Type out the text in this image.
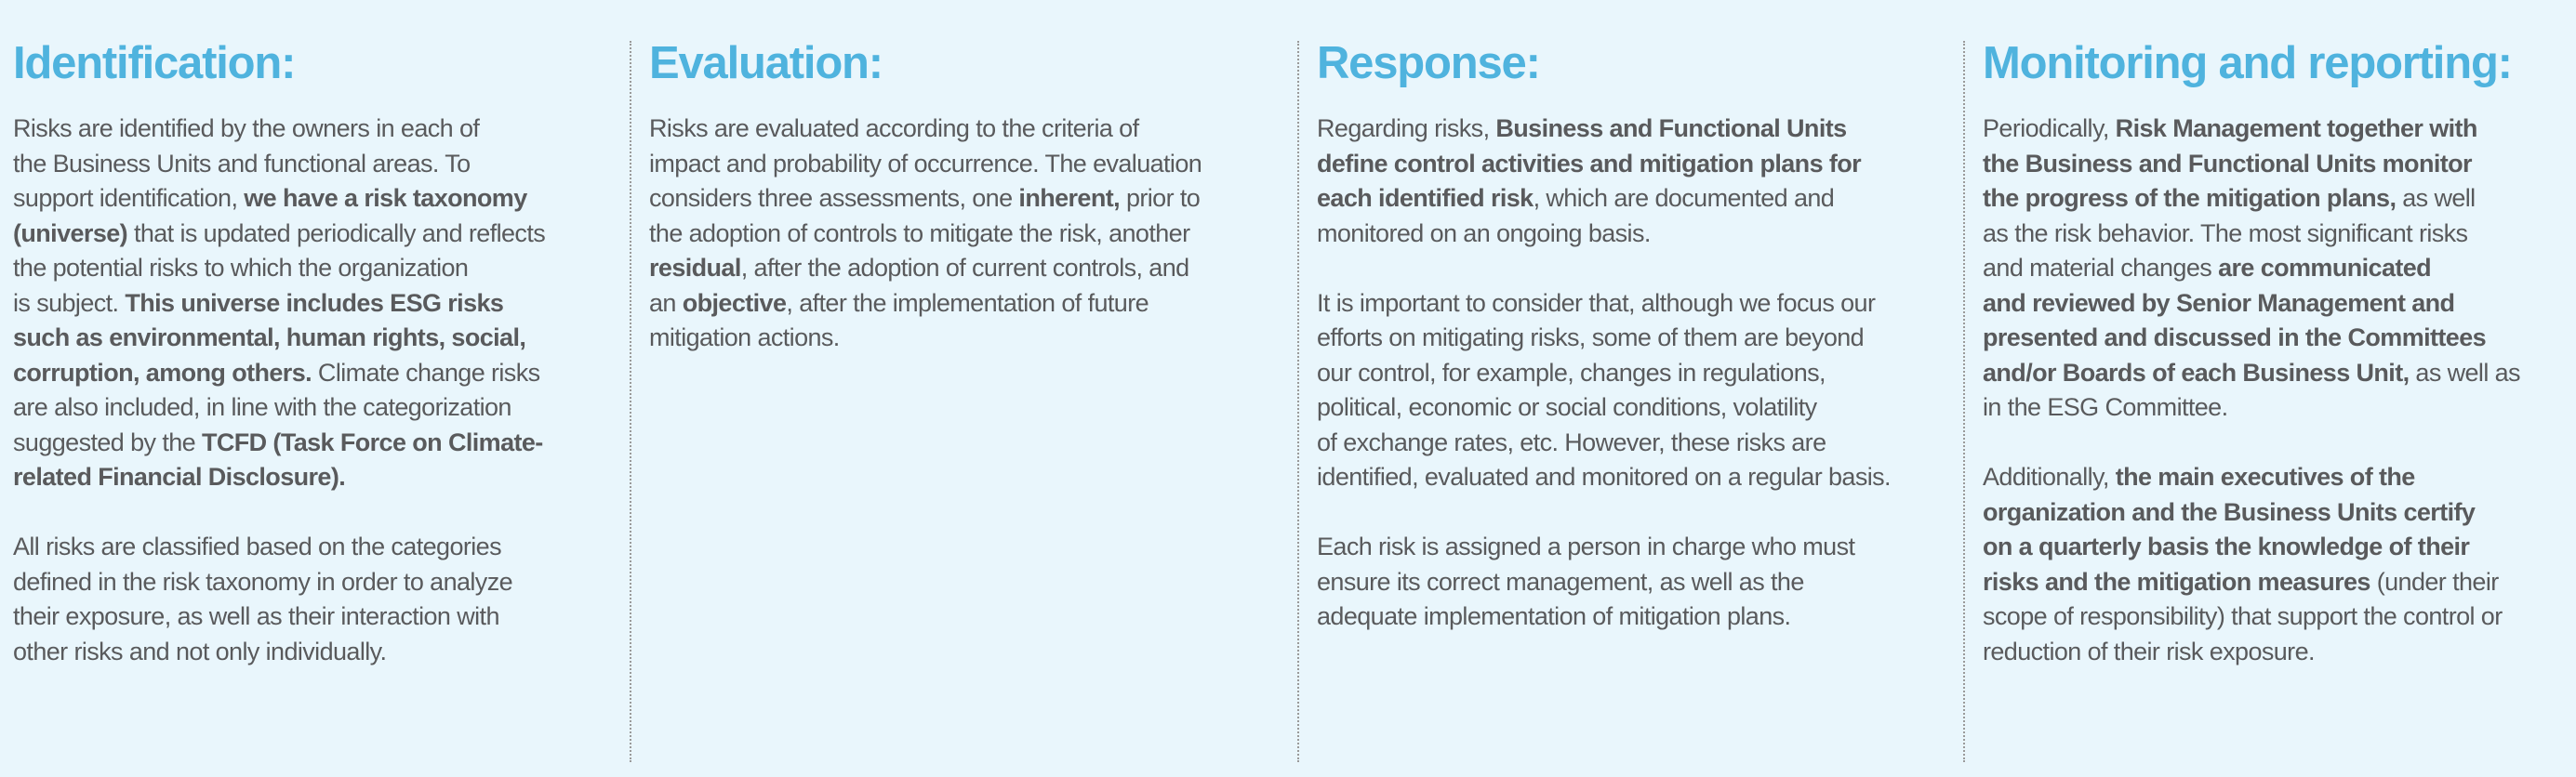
Identification:

Risks are identified by the owners in each of
the Business Units and functional areas. To
support identification, we have a risk taxonomy
(universe) that is updated periodically and reflects
the potential risks to which the organization
is subject. This universe includes ESG risks
such as environmental, human rights, social,
corruption, among others. Climate change risks
are also included, in line with the categorization
suggested by the TCFD (Task Force on Climate-
related Financial Disclosure).

All risks are classified based on the categories
defined in the risk taxonomy in order to analyze
their exposure, as well as their interaction with
other risks and not only individually.

Evaluation:

Risks are evaluated according to the criteria of
impact and probability of occurrence. The evaluation
considers three assessments, one inherent, prior to
the adoption of controls to mitigate the risk, another
residual, after the adoption of current controls, and
an objective, after the implementation of future
mitigation actions.

Response:

Regarding risks, Business and Functional Units
define control activities and mitigation plans for
each identified risk, which are documented and
monitored on an ongoing basis.

It is important to consider that, although we focus our
efforts on mitigating risks, some of them are beyond
our control, for example, changes in regulations,
political, economic or social conditions, volatility
of exchange rates, etc. However, these risks are
identified, evaluated and monitored on a regular basis.

Each risk is assigned a person in charge who must
ensure its correct management, as well as the
adequate implementation of mitigation plans.

Monitoring and reporting:

Periodically, Risk Management together with
the Business and Functional Units monitor
the progress of the mitigation plans, as well
as the risk behavior. The most significant risks
and material changes are communicated
and reviewed by Senior Management and
presented and discussed in the Committees
and/or Boards of each Business Unit, as well as
in the ESG Committee.

Additionally, the main executives of the
organization and the Business Units certify
on a quarterly basis the knowledge of their
risks and the mitigation measures (under their
scope of responsibility) that support the control or
reduction of their risk exposure.
